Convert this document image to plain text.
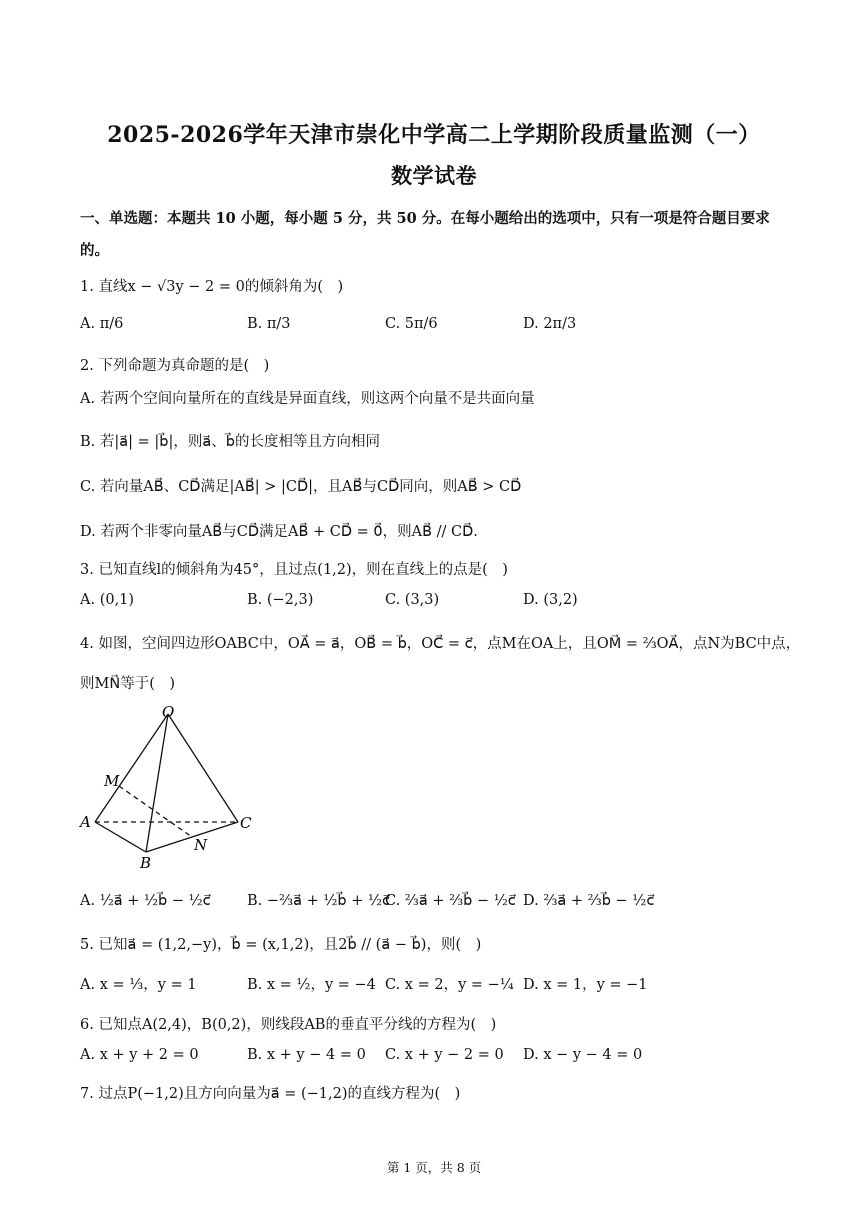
2025-2026学年天津市崇化中学高二上学期阶段质量监测（一）
数学试卷
一、单选题：本题共 10 小题，每小题 5 分，共 50 分。在每小题给出的选项中，只有一项是符合题目要求
的。
1. 直线x − √3y − 2 = 0的倾斜角为(　)
A. π/6	B. π/3	C. 5π/6	D. 2π/3
2. 下列命题为真命题的是(　)
A. 若两个空间向量所在的直线是异面直线，则这两个向量不是共面向量
B. 若|a⃗| = |b⃗|，则a⃗、b⃗的长度相等且方向相同
C. 若向量AB⃗、CD⃗满足|AB⃗| > |CD⃗|，且AB⃗与CD⃗同向，则AB⃗ > CD⃗
D. 若两个非零向量AB⃗与CD⃗满足AB⃗ + CD⃗ = 0⃗，则AB⃗ // CD⃗.
3. 已知直线l的倾斜角为45°，且过点(1,2)，则在直线上的点是(　)
A. (0,1)	B. (−2,3)	C. (3,3)	D. (3,2)
4. 如图，空间四边形OABC中，OA⃗ = a⃗，OB⃗ = b⃗，OC⃗ = c⃗，点M在OA上，且OM⃗ = ⅔OA⃗，点N为BC中点，
则MN⃗等于(　)
O
M
A	C
N
B
A. ½a⃗ + ½b⃗ − ½c⃗	B. −⅔a⃗ + ½b⃗ + ½c⃗
C. ⅔a⃗ + ⅔b⃗ − ½c⃗ D. ⅔a⃗ + ⅔b⃗ − ½c⃗
5. 已知a⃗ = (1,2,−y)，b⃗ = (x,1,2)，且2b⃗ // (a⃗ − b⃗)，则(　)
A. x = ⅓，y = 1	B. x = ½，y = −4 C. x = 2，y = −¼ D. x = 1，y = −1
6. 已知点A(2,4)，B(0,2)，则线段AB的垂直平分线的方程为(　)
A. x + y + 2 = 0	B. x + y − 4 = 0 C. x + y − 2 = 0 D. x − y − 4 = 0
7. 过点P(−1,2)且方向向量为a⃗ = (−1,2)的直线方程为(　)
第 1 页，共 8 页
